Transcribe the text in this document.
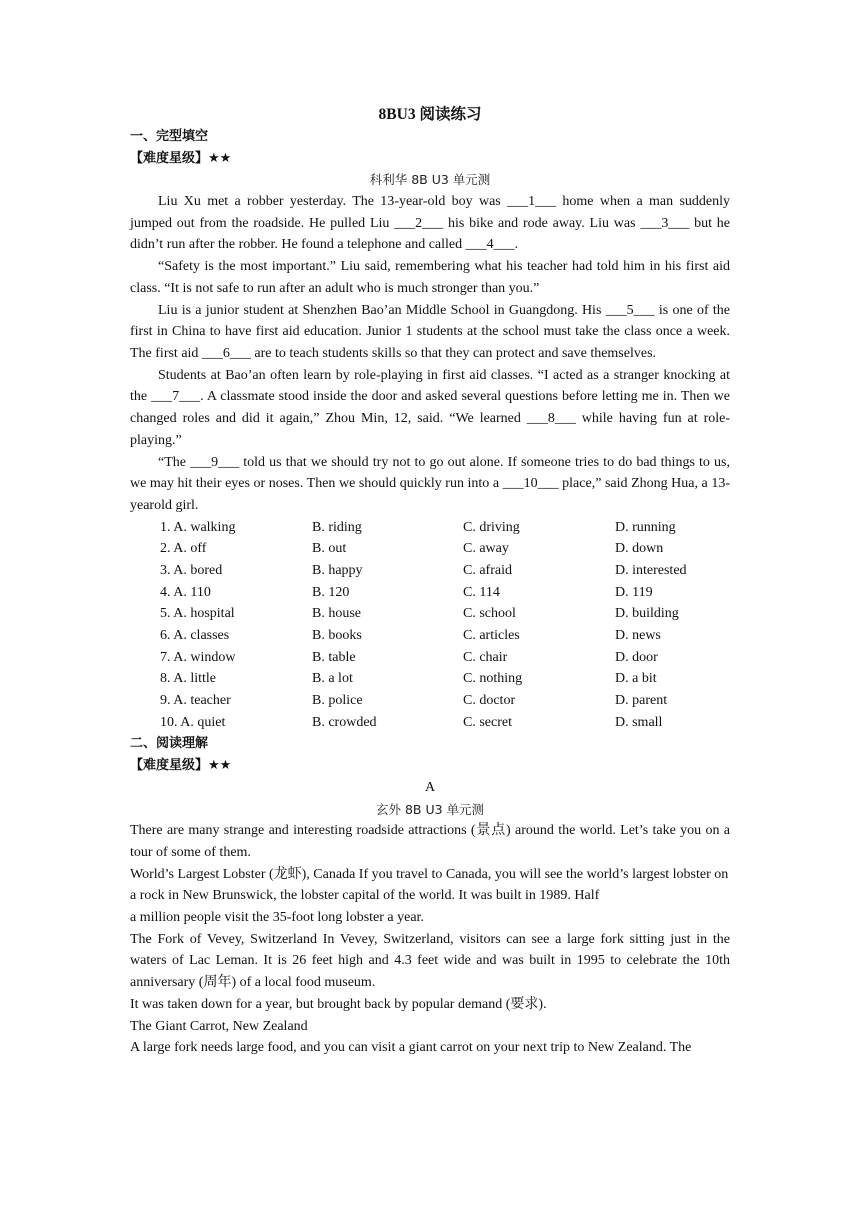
8BU3 阅读练习
一、完型填空
【难度星级】★★
科利华 8B U3 单元测

Liu Xu met a robber yesterday. The 13-year-old boy was ___1___ home when a man suddenly jumped out from the roadside. He pulled Liu ___2___ his bike and rode away. Liu was ___3___ but he didn’t run after the robber. He found a telephone and called ___4___.

“Safety is the most important.” Liu said, remembering what his teacher had told him in his first aid class. “It is not safe to run after an adult who is much stronger than you.”

Liu is a junior student at Shenzhen Bao’an Middle School in Guangdong. His ___5___ is one of the first in China to have first aid education. Junior 1 students at the school must take the class once a week. The first aid ___6___ are to teach students skills so that they can protect and save themselves.

Students at Bao’an often learn by role-playing in first aid classes. “I acted as a stranger knocking at the ___7___. A classmate stood inside the door and asked several questions before letting me in. Then we changed roles and did it again,” Zhou Min, 12, said. “We learned ___8___ while having fun at role-playing.”

“The ___9___ told us that we should try not to go out alone. If someone tries to do bad things to us, we may hit their eyes or noses. Then we should quickly run into a ___10___ place,” said Zhong Hua, a 13-yearold girl.

1. A. walking	B. riding	C. driving	D. running
2. A. off	B. out	C. away	D. down
3. A. bored	B. happy	C. afraid	D. interested
4. A. 110	B. 120	C. 114	D. 119
5. A. hospital	B. house	C. school	D. building
6. A. classes	B. books	C. articles	D. news
7. A. window	B. table	C. chair	D. door
8. A. little	B. a lot	C. nothing	D. a bit
9. A. teacher	B. police	C. doctor	D. parent
10. A. quiet	B. crowded	C. secret	D. small
二、阅读理解
【难度星级】★★
A
玄外 8B U3 单元测

There are many strange and interesting roadside attractions (景点) around the world. Let’s take you on a tour of some of them.

World’s Largest Lobster (龙虾), Canada If you travel to Canada, you will see the world’s largest lobster on a rock in New Brunswick, the lobster capital of the world. It was built in 1989. Half

a million people visit the 35-foot long lobster a year.

The Fork of Vevey, Switzerland In Vevey, Switzerland, visitors can see a large fork sitting just in the waters of Lac Leman. It is 26 feet high and 4.3 feet wide and was built in 1995 to celebrate the 10th anniversary (周年) of a local food museum.

It was taken down for a year, but brought back by popular demand (要求).

The Giant Carrot, New Zealand

A large fork needs large food, and you can visit a giant carrot on your next trip to New Zealand. The
